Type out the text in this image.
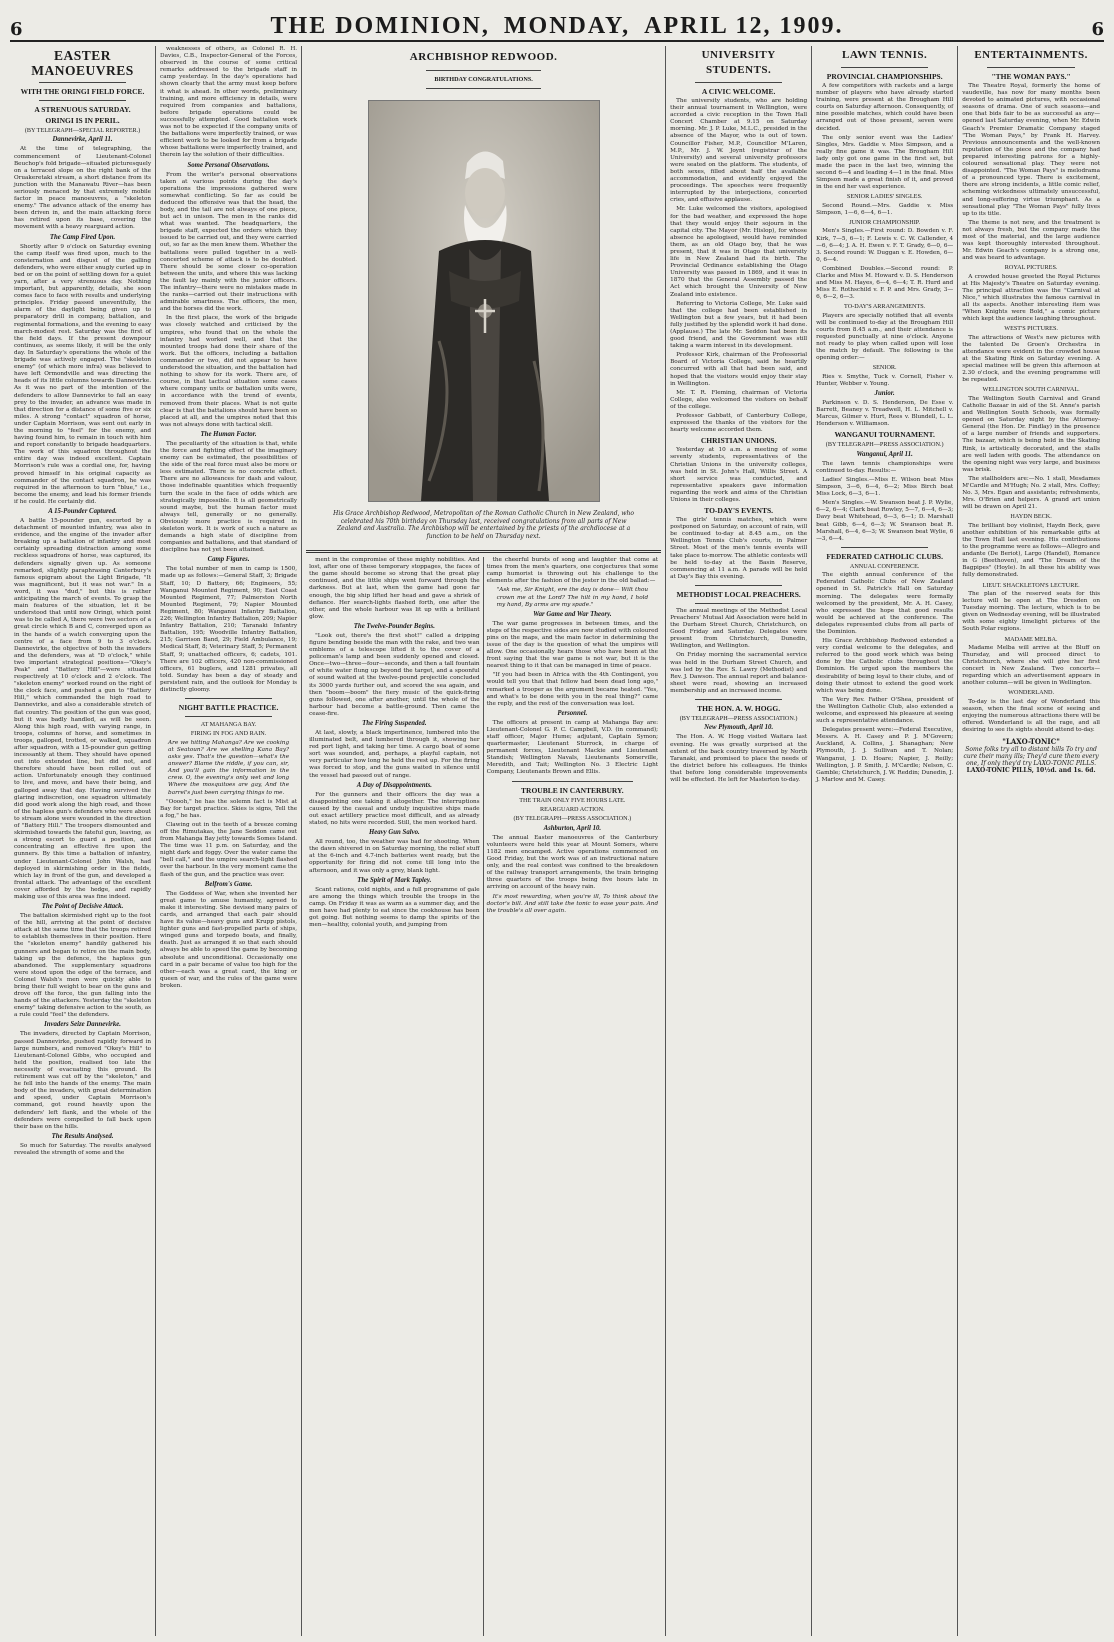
6	THE DOMINION, MONDAY, APRIL 12, 1909.	6
EASTER MANOEUVRES
WITH THE ORINGI FIELD FORCE.
A STRENUOUS SATURDAY.
ORINGI IS IN PERIL.
(BY TELEGRAPH—SPECIAL REPORTER.)
Dannevirke, April 11.

At the time of telegraphing, the commencement of Lieutenant-Colonel Beuchop's fold brigade—situated picturesquely on a terraced slope on the right bank of the Oruakeretaki stream, a short distance from its junction with the Manawatu River—has been seriously menaced by that extremely mobile factor in peace manoeuvres, a "skeleton enemy." The advance attack of the enemy has been driven in, and the main attacking force has retired upon its base, covering the movement with a heavy rearguard action.

The Camp Fired Upon.

Shortly after 9 o'clock on Saturday evening the camp itself was fired upon, much to the consternation and disgust of the galling defenders, who were either snugly curled up in bed or on the point of settling down for a quiet yarn, after a very strenuous day. Nothing important, but apparently, details, she soon comes face to face with results and underlying principles. Friday passed uneventfully, the alarm of the daylight being given up to preparatory drill in company, battalion, and regimental formations, and the evening to easy march-modest rest. Saturday was the first of the field days. If the present downpour continues, as seems likely, it will be the only day. In Saturday's operations the whole of the brigade was actively engaged. The "skeleton enemy" (of which more infra) was believed to have left Ormondville and was directing the heads of its little columns towards Dannevirke. As it was no part of the intention of the defenders to allow Dannevirke to fall an easy prey to the invader, an advance was made in that direction for a distance of some five or six miles. A strong "contact" squadron of horse, under Captain Morrison, was sent out early in the morning to "feel" for the enemy, and having found him, to remain in touch with him and report constantly to brigade headquarters. The work of this squadron throughout the entire day was indeed excellent. Captain Morrison's rule was a cordial one, for, having proved himself in his original capacity as commander of the contact squadron, he was required in the afternoon to turn "blue," i.e., become the enemy, and lead his former friends if he could. He certainly did.

A 15-Pounder Captured.

A battle 15-pounder gun, escorted by a detachment of mounted infantry, was also in evidence, and the engine of the invader after breaking up a battalion of infantry and most certainly spreading distraction among some reckless squadrons of horse, was captured, its defenders signally given up. As someone remarked, slightly paraphrasing Canterbury's famous epigram about the Light Brigade, "It was magnificent, but it was not war." In a word, it was "dud," but this is rather anticipating the march of events. To grasp the main features of the situation, let it be understood that until now Oringi, which point was to be called A, there were two sectors of a great circle which B and C, converged upon as in the hands of a watch converging upon the centre of a face from 9 to 3 o'clock. Dannevirke, the objective of both the invaders and the defenders, was at "D o'clock," while two important strategical positions—"Okey's Peak" and "Battery Hill"—were situated respectively at 10 o'clock and 2 o'clock. The "skeleton enemy" worked round on the right of the clock face, and pushed a gun to "Battery Hill," which commanded the high road to Dannevirke, and also a considerable stretch of flat country. The position of the gun was good, but it was badly handled, as will be seen. Along this high road, with varying range, in troops, columns of horse, and sometimes in troops, galloped, trotted, or walked, squadron after squadron, with a 15-pounder gun getting incessantly at them. They should have opened out into extended line, but did not, and therefore should have been rolled out of action. Unfortunately enough they continued to live, and move, and have their being, and galloped away that day. Having survived the glaring indiscretion, one squadron ultimately did good work along the high road, and those of the hapless gun's defenders who were about to stream alone were wounded in the direction of "Battery Hill." The troopers dismounted and skirmished towards the fateful gun, leaving, as a strong escort to guard a position, and concentrating an effective fire upon the gunners. By this time a battalion of infantry, under Lieutenant-Colonel John Walsh, had deployed in skirmishing order in the fields, which lay in front of the gun, and developed a frontal attack. The advantage of the excellent cover afforded by the hedge, and rapidly making use of this area was fine indeed.

The Point of Decisive Attack.

The battalion skirmished right up to the foot of the hill, arriving at the point of decisive attack at the same time that the troops retired to establish themselves in their position. Here the "skeleton enemy" handily gathered his gunners and began to retire on the main body, taking up the defence, the hapless gun abandoned. The supplementary squadrons were stood upon the edge of the terrace, and Colonel Walsh's men were quickly able to bring their full weight to bear on the guns and drove off the force, the gun falling into the hands of the attackers. Yesterday the "skeleton enemy" taking defensive action to the south, as a rule could "feel" the defenders.

Invaders Seize Dannevirke.

The invaders, directed by Captain Morrison, passed Dannevirke, pushed rapidly forward in large numbers, and removed "Okey's Hill" to Lieutenant-Colonel Gibbs, who occupied and held the position, realised too late the necessity of evacuating this ground. Its retirement was cut off by the "skeleton," and he fell into the hands of the enemy. The main body of the invaders, with great determination and speed, under Captain Morrison's command, got round heavily upon the defenders' left flank, and the whole of the defenders were compelled to fall back upon their base on the hills.

The Results Analysed.

So much for Saturday. The results analysed revealed the strength of some and the

weaknesses of others, as Colonel R. H. Davies, C.B., Inspector-General of the Forces, observed in the course of some critical remarks addressed to the brigade staff in camp yesterday. In the day's operations had shown clearly that the army must keep before it what is ahead. In other words, preliminary training, and more efficiency in details, were required from companies and battalions, before brigade operations could be successfully attempted. Good battalion work was not to be expected if the company units of the battalions were imperfectly trained, or was efficient work to be looked for from a brigade whose battalions were imperfectly trained, and therein lay the solution of their difficulties.

Some Personal Observations.

From the writer's personal observations taken at various points during the day's operations the impressions gathered were somewhat conflicting. So far as could be deduced the offensive was that the head, the body, and the tail are not always of one piece, but act in unison. The men in the ranks did what was wanted. The headquarters, the brigade staff, expected the orders which they issued to be carried out, and they were carried out, so far as the men knew them. Whether the battalions were pulled together in a well-concerted scheme of attack is to be doubted. There should be some closer co-operation between the units, and where this was lacking the fault lay mainly with the junior officers. The infantry—there were no mistakes made in the ranks—carried out their instructions with admirable smartness. The officers, the men, and the horses did the work.

In the first place, the work of the brigade was closely watched and criticised by the umpires, who found that on the whole the infantry had worked well, and that the mounted troops had done their share of the work. But the officers, including a battalion commander or two, did not appear to have understood the situation, and the battalion had nothing to show for its work. There are, of course, in that tactical situation some cases where company units or battalion units were, in accordance with the trend of events, removed from their places. What is not quite clear is that the battalions should have been so placed at all, and the umpires noted that this was not always done with tactical skill.

The Human Factor.

The peculiarity of the situation is that, while the force and fighting effect of the imaginary enemy can be estimated, the possibilities of the side of the real force must also be more or less estimated. There is no concrete effect. There are no allowances for dash and valour, those indefinable quantities which frequently turn the scale in the face of odds which are strategically impossible. It is all geometrically sound maybe, but the human factor must always tell, generally or no generally. Obviously more practice is required in skeleton work. It is work of such a nature as demands a high state of discipline from companies and battalions, and that standard of discipline has not yet been attained.

Camp Figures.

The total number of men in camp is 1500, made up as follows:—General Staff, 3; Brigade Staff, 10; D Battery, 66; Engineers, 55; Wanganui Mounted Regiment, 90; East Coast Mounted Regiment, 77; Palmerston North Mounted Regiment, 79; Napier Mounted Regiment, 80; Wanganui Infantry Battalion, 226; Wellington Infantry Battalion, 209; Napier Infantry Battalion, 210; Taranaki Infantry Battalion, 195; Woodville Infantry Battalion, 215; Garrison Band, 29; Field Ambulance, 19; Medical Staff, 8; Veterinary Staff, 5; Permanent Staff, 9; unattached officers, 6; cadets, 101. There are 102 officers, 420 non-commissioned officers, 61 buglers, and 1281 privates, all told. Sunday has been a day of steady and persistent rain, and the outlook for Monday is distinctly gloomy.

NIGHT BATTLE PRACTICE.
AT MAHANGA BAY.
FIRING IN FOG AND RAIN.

Are we hitting Mahanga? Are we cooking at Seatoun? Are we shelling Kana Bay? asks yes. That's the question—what's the answer? Blame the riddle, if you can, sir, And you'll gain the information in the crew. O, the evening's only wet and long Where the mosquitoes are gay, And the barrel's just been carrying things to me.

"Ooooh," he has the solemn fact is Mist at Bay for target practice. Skies is signs, Tell the a fog," he has.

Clawing out in the teeth of a breeze coming off the Rimutakas, the Jane Seddon came out from Mahanga Bay jetty towards Somes Island. The time was 11 p.m. on Saturday, and the night dark and foggy. Over the water came the "bell call," and the umpire search-light flashed over the harbour. In the very moment came the flash of the gun, and the practice was over.

Belfrom's Game.

The Goddess of War, when she invented her great game to amuse humanity, agreed to make it interesting. She devised many pairs of cards, and arranged that each pair should have its value—heavy guns and Krupp pistols, lighter guns and fast-propelled parts of ships, winged guns and torpedo boats, and finally, death. Just as arranged it so that each should always be able to speed the game by becoming absolute and unconditional. Occasionally one card in a pair became of value too high for the other—each was a great card, the king or queen of war, and the rules of the game were broken.

ARCHBISHOP REDWOOD.
BIRTHDAY CONGRATULATIONS.
His Grace Archbishop Redwood, Metropolitan of the Roman Catholic Church in New Zealand, who celebrated his 70th birthday on Thursday last, received congratulations from all parts of New Zealand and Australia. The Archbishop will be entertained by the priests of the archdiocese at a function to be held on Thursday next.

ment in the compromise of these mighty nobilities. And lost, after one of these temporary stoppages, the faces of the game should become so strong that the great play continued, and the little ships went forward through the darkness. But at last, when the game had gone far enough, the big ship lifted her head and gave a shriek of defiance. Her search-lights flashed forth, one after the other, and the whole harbour was lit up with a brilliant glow.

The Twelve-Pounder Begins.

"Look out, there's the first shot!" called a dripping figure bending beside the man with the rake, and two wan emblems of a telescope lifted it to the cover of a policeman's lamp and been suddenly opened and closed. Once—two—three—four—seconds, and then a tall fountain of white water flung up beyond the target, and a spoonful of sound waited at the twelve-pound projectile concluded its 3000 yards further out, and scored the sea again, and then "boom—boom" the fiery music of the quick-firing guns followed, one after another, until the whole of the harbour had become a battle-ground. Then came the cease-fire.

The Firing Suspended.

At last, slowly, a black impertinence, lumbered into the illuminated belt, and lumbered through it, showing her red port light, and taking her time. A cargo boat of some sort was sounded, and, perhaps, a playful captain, not very particular how long he held the rest up. For the firing was forced to stop, and the guns waited in silence until the vessel had passed out of range.

A Day of Disappointments.

For the gunners and their officers the day was a disappointing one taking it altogether. The interruptions caused by the casual and unduly inquisitive ships made out exact artillery practice most difficult, and as already stated, no hits were recorded. Still, the men worked hard.

Heavy Gun Salvo.

All round, too, the weather was bad for shooting. When the dawn shivered in on Saturday morning, the relief stuff at the 6-inch and 4.7-inch batteries went ready, but the opportunity for firing did not come till long into the afternoon, and it was only a grey, blank light.

The Spirit of Mark Tapley.

Scant rations, cold nights, and a full programme of gale are among the things which trouble the troops in the camp. On Friday it was as warm as a summer day, and the men have had plenty to eat since the cookhouse has been got going. But nothing seems to damp the spirits of the men—healthy, colonial youth, and jumping from

the cheerful bursts of song and laughter that come at times from the men's quarters, one conjectures that some camp humorist is throwing out his challenge to the elements after the fashion of the jester in the old ballad:—

"Ask me, Sir Knight, ere the day is done— Wilt thou crown me at the Lord? The hilt in my hand, I hold my hand, By arms are my spade."

War Game and War Theory.

The war game progresses in between times, and the steps of the respective sides are now studied with coloured pins on the maps, and the main factor in determining the issue of the day is the question of what the umpires will allow. One occasionally hears those who have been at the front saying that the war game is not war, but it is the nearest thing to it that can be managed in time of peace.

"If you had been in Africa with the 4th Contingent, you would tell you that that fellow had been dead long ago," remarked a trooper as the argument became heated. "Yes, and what's to be done with you in the real thing?" came the reply, and the rest of the conversation was lost.

Personnel.

The officers at present in camp at Mahanga Bay are: Lieutenant-Colonel G. P. C. Campbell, V.D. (in command); staff officer, Major Hume; adjutant, Captain Symon; quartermaster, Lieutenant Sturrock, in charge of permanent forces, Lieutenant Mackie and Lieutenant Standish; Wellington Navals, Lieutenants Somerville, Meredith, and Tait; Wellington No. 3 Electric Light Company, Lieutenants Brown and Ellis.

TROUBLE IN CANTERBURY.
THE TRAIN ONLY FIVE HOURS LATE.
REARGUARD ACTION.
(BY TELEGRAPH—PRESS ASSOCIATION.)
Ashburton, April 10.

The annual Easter manoeuvres of the Canterbury volunteers were held this year at Mount Somers, where 1182 men encamped. Active operations commenced on Good Friday, but the work was of an instructional nature only, and the real contest was confined to the breakdown of the railway transport arrangements, the train bringing three quarters of the troops being five hours late in arriving on account of the heavy rain.

It's most rewarding, when you're ill, To think about the doctor's bill. And still take the tonic to ease your pain. And the trouble's all over again.

UNIVERSITY STUDENTS.
A CIVIC WELCOME.

The university students, who are holding their annual tournament in Wellington, were accorded a civic reception in the Town Hall Concert Chamber at 9.15 on Saturday morning. Mr. J. P. Luke, M.L.C., presided in the absence of the Mayor, who is out of town. Councillor Fisher, M.P., Councillor M'Laren, M.P., Mr. J. W. Joynt (registrar of the University) and several university professors were seated on the platform. The students, of both sexes, filled about half the available accommodation, and evidently enjoyed the proceedings. The speeches were frequently interrupted by the interjections, concerted cries, and effusive applause.

Mr. Luke welcomed the visitors, apologised for the bad weather, and expressed the hope that they would enjoy their sojourn in the capital city. The Mayor (Mr. Hislop), for whose absence he apologised, would have reminded them, as an old Otago boy, that he was present, that it was in Otago that university life in New Zealand had its birth. The Provincial Ordinance establishing the Otago University was passed in 1869, and it was in 1870 that the General Assembly passed the Act which brought the University of New Zealand into existence.

Referring to Victoria College, Mr. Luke said that the college had been established in Wellington but a few years, but it had been fully justified by the splendid work it had done. (Applause.) The late Mr. Seddon had been its good friend, and the Government was still taking a warm interest in its development.

Professor Kirk, chairman of the Professorial Board of Victoria College, said he heartily concurred with all that had been said, and hoped that the visitors would enjoy their stay in Wellington.

Mr. T. R. Fleming, chairman of Victoria College, also welcomed the visitors on behalf of the college.

Professor Gabbatt, of Canterbury College, expressed the thanks of the visitors for the hearty welcome accorded them.

CHRISTIAN UNIONS.

Yesterday at 10 a.m. a meeting of some seventy students, representatives of the Christian Unions in the university colleges, was held in St. John's Hall, Willis Street. A short service was conducted, and representative speakers gave information regarding the work and aims of the Christian Unions in their colleges.

TO-DAY'S EVENTS.

The girls' tennis matches, which were postponed on Saturday, on account of rain, will be continued to-day at 8.45 a.m., on the Wellington Tennis Club's courts, in Palmer Street. Most of the men's tennis events will take place to-morrow. The athletic contests will be held to-day at the Basin Reserve, commencing at 11 a.m. A parade will be held at Day's Bay this evening.

METHODIST LOCAL PREACHERS.

The annual meetings of the Methodist Local Preachers' Mutual Aid Association were held in the Durham Street Church, Christchurch, on Good Friday and Saturday. Delegates were present from Christchurch, Dunedin, Wellington, and Wellington.

On Friday morning the sacramental service was held in the Durham Street Church, and was led by the Rev. S. Lawry (Methodist) and Rev. J. Dawson. The annual report and balance-sheet were read, showing an increased membership and an increased income.

THE HON. A. W. HOGG.
(BY TELEGRAPH—PRESS ASSOCIATION.)
New Plymouth, April 10.

The Hon. A. W. Hogg visited Waitara last evening. He was greatly surprised at the extent of the back country traversed by North Taranaki, and promised to place the needs of the district before his colleagues. He thinks that before long considerable improvements will be effected. He left for Masterton to-day.

LAWN TENNIS.
PROVINCIAL CHAMPIONSHIPS.

A few competitors with rackets and a large number of players who have already started training, were present at the Brougham Hill courts on Saturday afternoon. Consequently, of nine possible matches, which could have been arranged out of those present, seven were decided.

The only senior event was the Ladies' Singles, Mrs. Gaddie v. Miss Simpson, and a really fine game it was. The Brougham Hill lady only got one game in the first set, but made the pace in the last two, winning the second 6—4 and leading 4—1 in the final. Miss Simpson made a great finish of it, and proved in the end her vast experience.

SENIOR LADIES' SINGLES.

Second Round.—Mrs. Gaddie v. Miss Simpson, 1—6, 6—4, 6—1.

JUNIOR CHAMPIONSHIP.

Men's Singles.—First round: D. Bowden v. F. Kirk, 7—5, 6—1; F. Lewis v. C. W. Callender, 4—6, 6—4; J. A. H. Ewen v. F. T. Grady, 6—0, 6—3. Second round: W. Duggan v. E. Howden, 6—0, 6—4.

Combined Doubles.—Second round: P. Clarke and Miss M. Howard v. D. S. Henderson and Miss M. Hayes, 6—4, 6—4; T. R. Hurd and Miss E. Rothschild v. F. P. and Mrs. Grady, 3—6, 6—2, 6—3.

TO-DAY'S ARRANGEMENTS.

Players are specially notified that all events will be continued to-day at the Brougham Hill courts from 8.45 a.m., and their attendance is requested punctually at nine o'clock. Anyone not ready to play when called upon will lose the match by default. The following is the opening order:—

SENIOR.

Ries v. Smythe, Tuck v. Cornell, Fisher v. Hunter, Webber v. Young.

Junior.

Parkinson v. D. S. Henderson, De Esse v. Barrett, Beaney v. Treadwell, H. L. Mitchell v. Marcus, Gilmer v. Hurt, Rees v. Blundell, L. L. Henderson v. Williamson.

WANGANUI TOURNAMENT.
(BY TELEGRAPH—PRESS ASSOCIATION.)
Wanganui, April 11.

The lawn tennis championships were continued to-day. Results:—

Ladies' Singles.—Miss E. Wilson beat Miss Simpson, 3—6, 6—4, 6—2; Miss Birch beat Miss Lock, 6—3, 6—1.

Men's Singles.—W. Swanson beat J. P. Wylie, 6—2, 6—4; Clark beat Rowley, 5—7, 6—4, 6—3; Davy beat Whitehead, 6—3, 6—1; D. Marshall beat Gibb, 6—4, 6—3; W. Swanson beat R. Marshall, 6—4, 6—3; W. Swanson beat Wylie, 6—3, 6—4.

FEDERATED CATHOLIC CLUBS.
ANNUAL CONFERENCE.

The eighth annual conference of the Federated Catholic Clubs of New Zealand opened in St. Patrick's Hall on Saturday morning. The delegates were formally welcomed by the president, Mr. A. H. Casey, who expressed the hope that good results would be achieved at the conference. The delegates represented clubs from all parts of the Dominion.

His Grace Archbishop Redwood extended a very cordial welcome to the delegates, and referred to the good work which was being done by the Catholic clubs throughout the Dominion. He urged upon the members the desirability of being loyal to their clubs, and of doing their utmost to extend the good work which was being done.

The Very Rev. Father O'Shea, president of the Wellington Catholic Club, also extended a welcome, and expressed his pleasure at seeing such a representative attendance.

Delegates present were:—Federal Executive, Messrs. A. H. Casey and P. J. M'Govern; Auckland, A. Collins, J. Shanaghan; New Plymouth, J. J. Sullivan and T. Nolan; Wanganui, J. D. Hoare; Napier, J. Reilly; Wellington, J. P. Smith, J. M'Cardle; Nelson, C. Gamble; Christchurch, J. W. Reddin; Dunedin, J. J. Marlow and M. Casey.

ENTERTAINMENTS.
"THE WOMAN PAYS."

The Theatre Royal, formerly the home of vaudeville, has now for many months been devoted to animated pictures, with occasional seasons of drama. One of such seasons—and one that bids fair to be as successful as any—opened last Saturday evening, when Mr. Edwin Geach's Premier Dramatic Company staged "The Woman Pays," by Frank H. Harvey. Previous announcements and the well-known reputation of the piece and the company had prepared interesting patrons for a highly-coloured sensational play. They were not disappointed. "The Woman Pays" is melodrama of a pronounced type. There is excitement, there are strong incidents, a little comic relief, scheming wickedness ultimately unsuccessful, and long-suffering virtue triumphant. As a sensational play "The Woman Pays" fully lives up to its title.

The theme is not new, and the treatment is not always fresh, but the company made the most of the material, and the large audience was kept thoroughly interested throughout. Mr. Edwin Geach's company is a strong one, and was heard to advantage.

ROYAL PICTURES.

A crowded house greeted the Royal Pictures at His Majesty's Theatre on Saturday evening. The principal attraction was the "Carnival at Nice," which illustrates the famous carnival in all its aspects. Another interesting item was "When Knights were Bold," a comic picture which kept the audience laughing throughout.

WEST'S PICTURES.

The attractions of West's new pictures with the talented De Groen's Orchestra in attendance were evident in the crowded house at the Skating Rink on Saturday evening. A special matinee will be given this afternoon at 2.30 o'clock, and the evening programme will be repeated.

WELLINGTON SOUTH CARNIVAL.

The Wellington South Carnival and Grand Catholic Bazaar in aid of the St. Anne's parish and Wellington South Schools, was formally opened on Saturday night by the Attorney-General (the Hon. Dr. Findlay) in the presence of a large number of friends and supporters. The bazaar, which is being held in the Skating Rink, is artistically decorated, and the stalls are well laden with goods. The attendance on the opening night was very large, and business was brisk.

The stallholders are:—No. 1 stall, Mesdames M'Cardle and M'Hugh; No. 2 stall, Mrs. Coffey; No. 3, Mrs. Egan and assistants; refreshments, Mrs. O'Brien and helpers. A grand art union will be drawn on April 21.

HAYDN BECK.

The brilliant boy violinist, Haydn Beck, gave another exhibition of his remarkable gifts at the Town Hall last evening. His contributions to the programme were as follows—Allegro and andante (De Beriot), Largo (Handel), Romance in G (Beethoven), and "The Dream of the Bagpipes" (Hoyle). In all these his ability was fully demonstrated.

LIEUT. SHACKLETON'S LECTURE.

The plan of the reserved seats for this lecture will be open at The Dresden on Tuesday morning. The lecture, which is to be given on Wednesday evening, will be illustrated with some eighty limelight pictures of the South Polar regions.

MADAME MELBA.

Madame Melba will arrive at the Bluff on Thursday, and will proceed direct to Christchurch, where she will give her first concert in New Zealand. Two concerts—regarding which an advertisement appears in another column—will be given in Wellington.

WONDERLAND.

To-day is the last day of Wonderland this season, when the final scene of seeing and enjoying the numerous attractions there will be offered. Wonderland is all the rage, and all desiring to see its sights should attend to-day.

"LAXO-TONIC"
Some folks try all to distant hills To try and cure their many ills; They'd cure them every one, If only they'd try LAXO-TONIC PILLS.
LAXO-TONIC PILLS, 10½d. and 1s. 6d.
